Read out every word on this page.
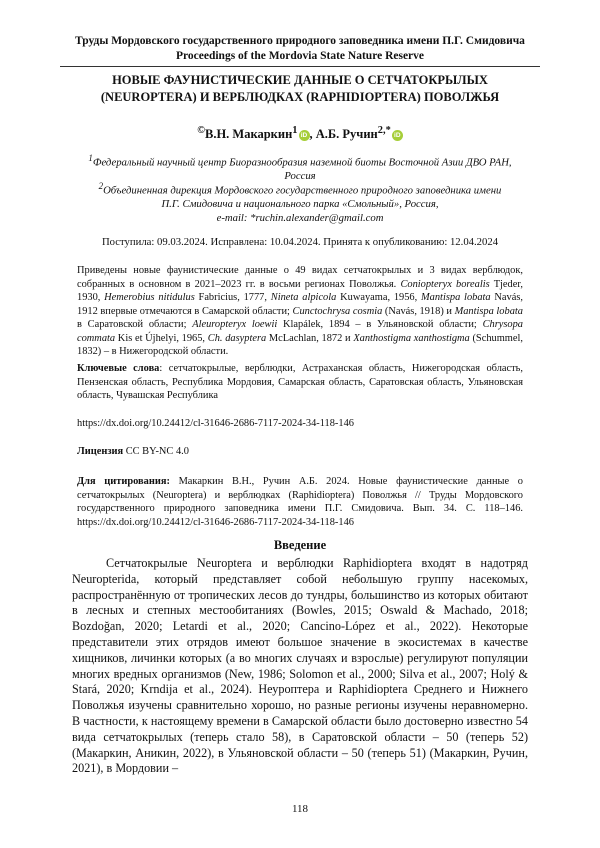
Труды Мордовского государственного природного заповедника имени П.Г. Смидовича
Proceedings of the Mordovia State Nature Reserve
НОВЫЕ ФАУНИСТИЧЕСКИЕ ДАННЫЕ О СЕТЧАТОКРЫЛЫХ
(NEUROPTERA) И ВЕРБЛЮДКАХ (RAPHIDIOPTERA) ПОВОЛЖЬЯ
©В.Н. Макаркин$^1$ iD , А.Б. Ручин$^{2,*}$ iD
$^1$Федеральный научный центр Биоразнообразия наземной биоты Восточной Азии ДВО РАН,
Россия
$^2$Объединенная дирекция Мордовского государственного природного заповедника имени
П.Г. Смидовича и национального парка «Смольный», Россия,
e-mail: *ruchin.alexander@gmail.com
Поступила: 09.03.2024. Исправлена: 10.04.2024. Принята к опубликованию: 12.04.2024
Приведены новые фаунистические данные о 49 видах сетчатокрылых и 3 видах верблюдок, собранных в основном в 2021–2023 гг. в восьми регионах Поволжья. Coniopteryx borealis Tjeder, 1930, Hemerobius nitidulus Fabricius, 1777, Nineta alpicola Kuwayama, 1956, Mantispa lobata Navás, 1912 впервые отмечаются в Самарской области; Cunctochrysa cosmia (Navás, 1918) и Mantispa lobata в Саратовской области; Aleuropteryx loewii Klapálek, 1894 – в Ульяновской области; Chrysopa commata Kis et Újhelyi, 1965, Ch. dasyptera McLachlan, 1872 и Xanthostigma xanthostigma (Schummel, 1832) – в Нижегородской области.
Ключевые слова: сетчатокрылые, верблюдки, Астраханская область, Нижегородская область, Пензенская область, Республика Мордовия, Самарская область, Саратовская область, Ульяновская область, Чувашская Республика
https://dx.doi.org/10.24412/cl-31646-2686-7117-2024-34-118-146
Лицензия CC BY-NC 4.0
Для цитирования: Макаркин В.Н., Ручин А.Б. 2024. Новые фаунистические данные о сетчатокрылых (Neuroptera) и верблюдках (Raphidioptera) Поволжья // Труды Мордовского государственного природного заповедника имени П.Г. Смидовича. Вып. 34. С. 118–146. https://dx.doi.org/10.24412/cl-31646-2686-7117-2024-34-118-146
Введение

Сетчатокрылые Neuroptera и верблюдки Raphidioptera входят в надотряд Neuropterida, который представляет собой небольшую группу насекомых, распространённую от тропических лесов до тундры, большинство из которых обитают в лесных и степных местообитаниях (Bowles, 2015; Oswald & Machado, 2018; Bozdoğan, 2020; Letardi et al., 2020; Cancino-López et al., 2022). Некоторые представители этих отрядов имеют большое значение в экосистемах в качестве хищников, личинки которых (а во многих случаях и взрослые) регулируют популяции многих вредных организмов (New, 1986; Solomon et al., 2000; Silva et al., 2007; Holý & Stará, 2020; Krndija et al., 2024). Неуроптера и Raphidioptera Среднего и Нижнего Поволжья изучены сравнительно хорошо, но разные регионы изучены неравномерно. В частности, к настоящему времени в Самарской области было достоверно известно 54 вида сетчатокрылых (теперь стало 58), в Саратовской области – 50 (теперь 52) (Макаркин, Аникин, 2022), в Ульяновской области – 50 (теперь 51) (Макаркин, Ручин, 2021), в Мордовии –

118
